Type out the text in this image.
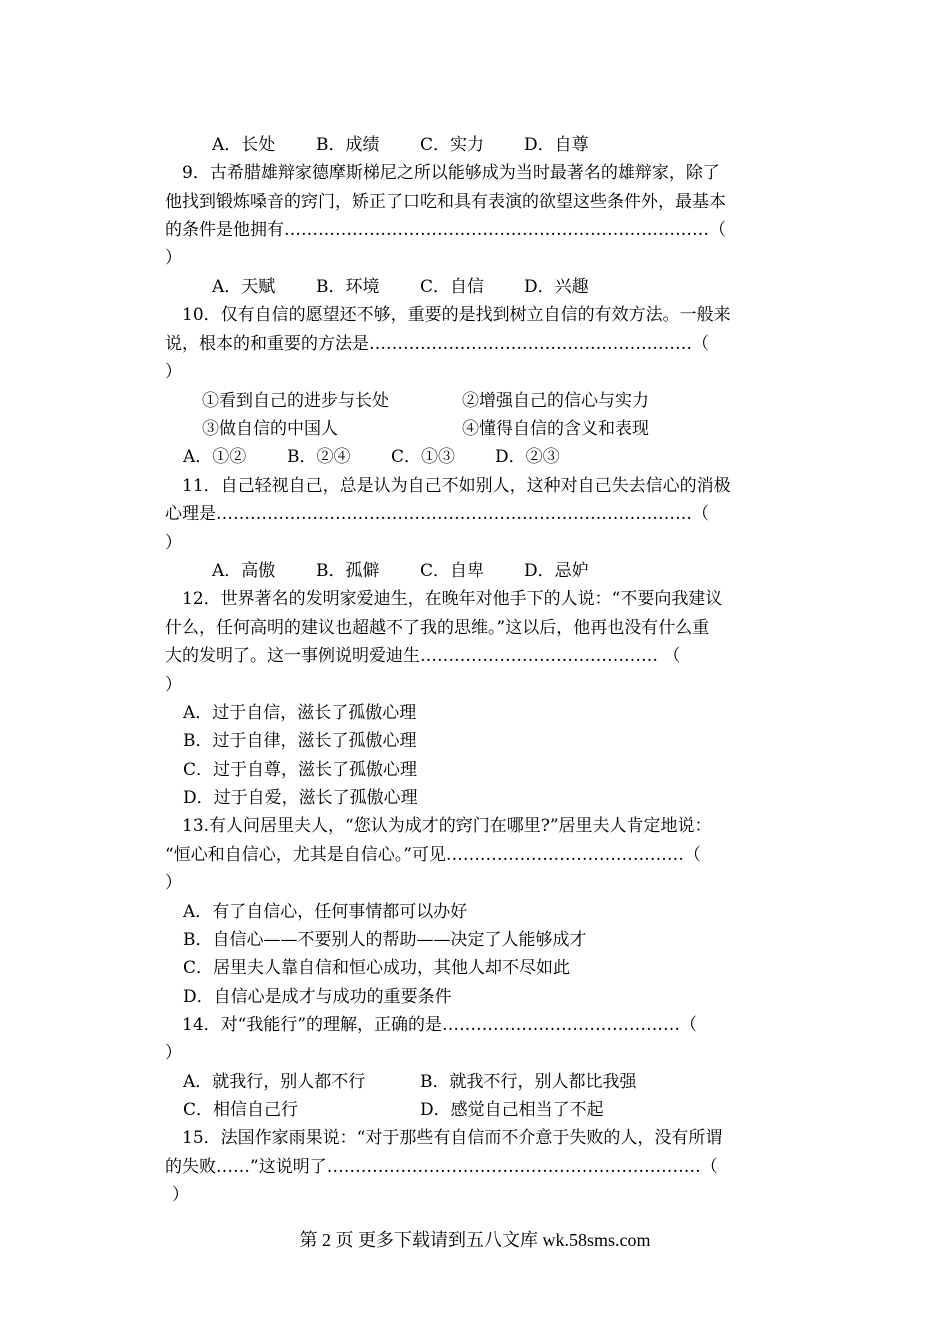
A．长处 B．成绩 C．实力 D．自尊
9．古希腊雄辩家德摩斯梯尼之所以能够成为当时最著名的雄辩家，除了
他找到锻炼嗓音的窍门，矫正了口吃和具有表演的欲望这些条件外，最基本
的条件是他拥有…………………………………………………………………（
）
A．天赋 B．环境 C．自信 D．兴趣
10．仅有自信的愿望还不够，重要的是找到树立自信的有效方法。一般来
说，根本的和重要的方法是…………………………………………………（
）
①看到自己的进步与长处	②增强自己的信心与实力
③做自信的中国人	④懂得自信的含义和表现
A．①② B．②④ C．①③ D．②③
11．自己轻视自己，总是认为自己不如别人，这种对自己失去信心的消极
心理是…………………………………………………………………………（
）
A．高傲 B．孤僻 C．自卑 D．忌妒
12．世界著名的发明家爱迪生，在晚年对他手下的人说：“不要向我建议
什么，任何高明的建议也超越不了我的思维。”这以后，他再也没有什么重
大的发明了。这一事例说明爱迪生…………………………………… （
）
A．过于自信，滋长了孤傲心理
B．过于自律，滋长了孤傲心理
C．过于自尊，滋长了孤傲心理
D．过于自爱，滋长了孤傲心理
13.有人问居里夫人，“您认为成才的窍门在哪里?”居里夫人肯定地说：
“恒心和自信心，尤其是自信心。”可见……………………………………（
）
A．有了自信心，任何事情都可以办好
B．自信心——不要别人的帮助——决定了人能够成才
C．居里夫人靠自信和恒心成功，其他人却不尽如此
D．自信心是成才与成功的重要条件
14．对“我能行”的理解，正确的是……………………………………（
）
A．就我行，别人都不行	B．就我不行，别人都比我强
C．相信自己行	D．感觉自己相当了不起
15．法国作家雨果说：“对于那些有自信而不介意于失败的人，没有所谓
的失败……”这说明了…………………………………………………………（
）
第 2 页 更多下载请到五八文库 wk.58sms.com
